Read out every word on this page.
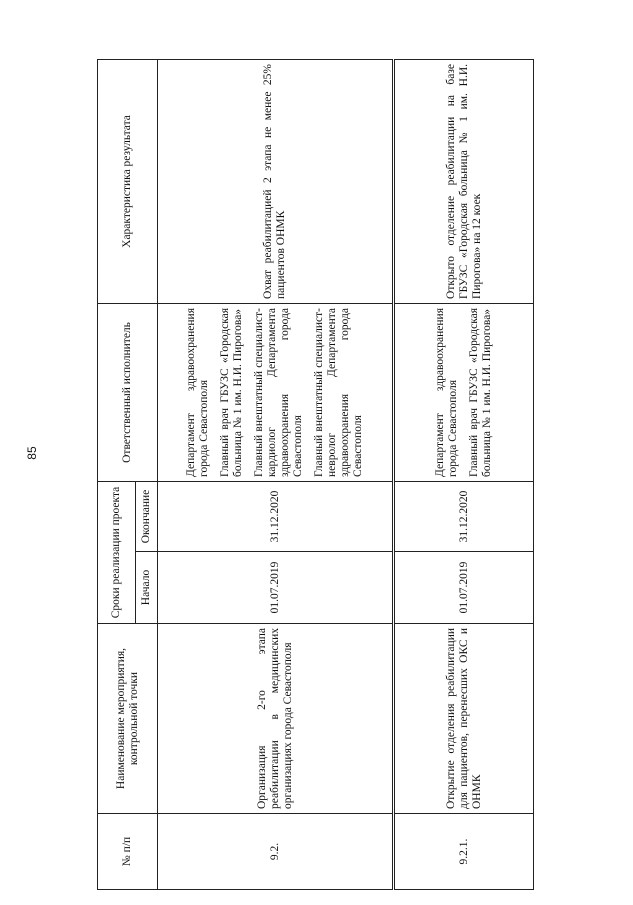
85
№ п/п	Наименование мероприятия, контрольной точки	Сроки реализации проекта		Ответственный исполнитель	Характеристика результата
		Начало	Окончание		
9.2.	Организация 2-го этапа реабилитации в медицинских организациях города Севастополя	01.07.2019	31.12.2020	Департамент здравоохранения города Севастополя Главный врач ГБУЗС «Городская больница № 1 им. Н.И. Пирогова» Главный внештатный специалист-кардиолог Департамента здравоохранения города Севастополя Главный внештатный специалист-невролог Департамента здравоохранения города Севастополя	Охват реабилитацией 2 этапа не менее 25% пациентов ОНМК
9.2.1.	Открытие отделения реабилитации для пациентов, перенесших ОКС и ОНМК	01.07.2019	31.12.2020	Департамент здравоохранения города Севастополя Главный врач ГБУЗС «Городская больница № 1 им. Н.И. Пирогова»	Открыто отделение реабилитации на базе ГБУЗС «Городская больница № 1 им. Н.И. Пирогова» на 12 коек
